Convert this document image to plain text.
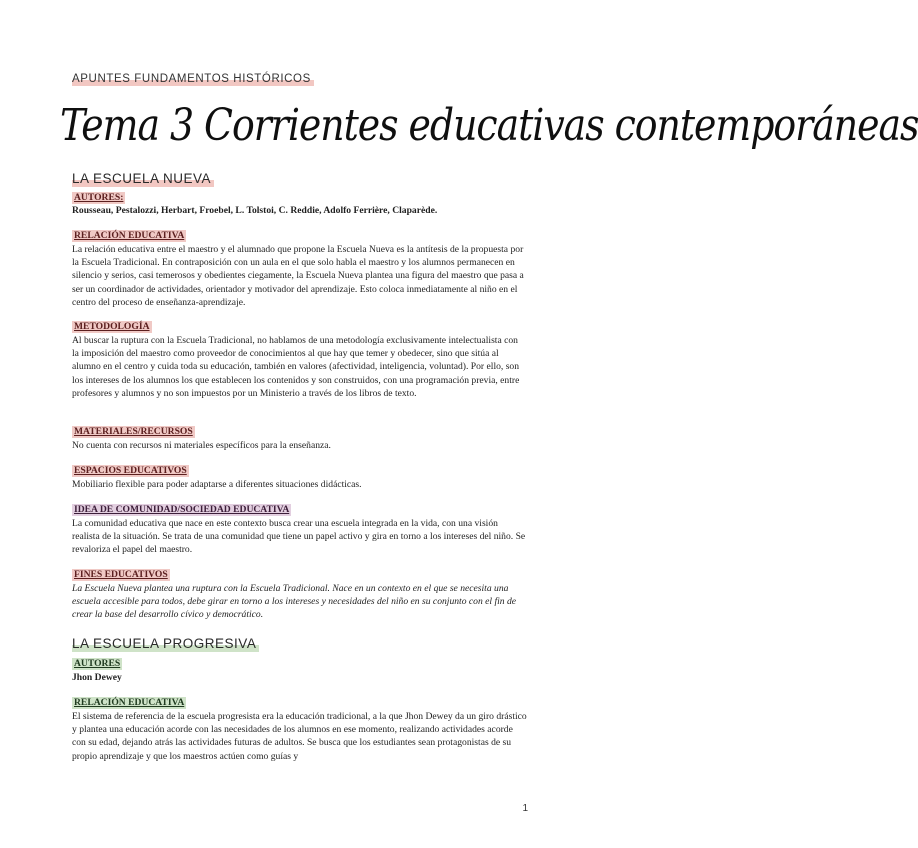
APUNTES FUNDAMENTOS HISTÓRICOS
Tema 3 Corrientes educativas contemporáneas
LA ESCUELA NUEVA
AUTORES:
Rousseau, Pestalozzi, Herbart, Froebel, L. Tolstoi, C. Reddie, Adolfo Ferrière, Claparède.
RELACIÓN EDUCATIVA
La relación educativa entre el maestro y el alumnado que propone la Escuela Nueva es la antítesis de la propuesta por la Escuela Tradicional. En contraposición con un aula en el que solo habla el maestro y los alumnos permanecen en silencio y serios, casi temerosos y obedientes ciegamente, la Escuela Nueva plantea una figura del maestro que pasa a ser un coordinador de actividades, orientador y motivador del aprendizaje. Esto coloca inmediatamente al niño en el centro del proceso de enseñanza-aprendizaje.
METODOLOGÍA
Al buscar la ruptura con la Escuela Tradicional, no hablamos de una metodología exclusivamente intelectualista con la imposición del maestro como proveedor de conocimientos al que hay que temer y obedecer, sino que sitúa al alumno en el centro y cuida toda su educación, también en valores (afectividad, inteligencia, voluntad). Por ello, son los intereses de los alumnos los que establecen los contenidos y son construidos, con una programación previa, entre profesores y alumnos y no son impuestos por un Ministerio a través de los libros de texto.
MATERIALES/RECURSOS
No cuenta con recursos ni materiales específicos para la enseñanza.
ESPACIOS EDUCATIVOS
Mobiliario flexible para poder adaptarse a diferentes situaciones didácticas.
IDEA DE COMUNIDAD/SOCIEDAD EDUCATIVA
La comunidad educativa que nace en este contexto busca crear una escuela integrada en la vida, con una visión realista de la situación. Se trata de una comunidad que tiene un papel activo y gira en torno a los intereses del niño. Se revaloriza el papel del maestro.
FINES EDUCATIVOS
La Escuela Nueva plantea una ruptura con la Escuela Tradicional. Nace en un contexto en el que se necesita una escuela accesible para todos, debe girar en torno a los intereses y necesidades del niño en su conjunto con el fin de crear la base del desarrollo cívico y democrático.
LA ESCUELA PROGRESIVA
AUTORES
Jhon Dewey
RELACIÓN EDUCATIVA
El sistema de referencia de la escuela progresista era la educación tradicional, a la que Jhon Dewey da un giro drástico y plantea una educación acorde con las necesidades de los alumnos en ese momento, realizando actividades acorde con su edad, dejando atrás las actividades futuras de adultos. Se busca que los estudiantes sean protagonistas de su propio aprendizaje y que los maestros actúen como guías y
1
